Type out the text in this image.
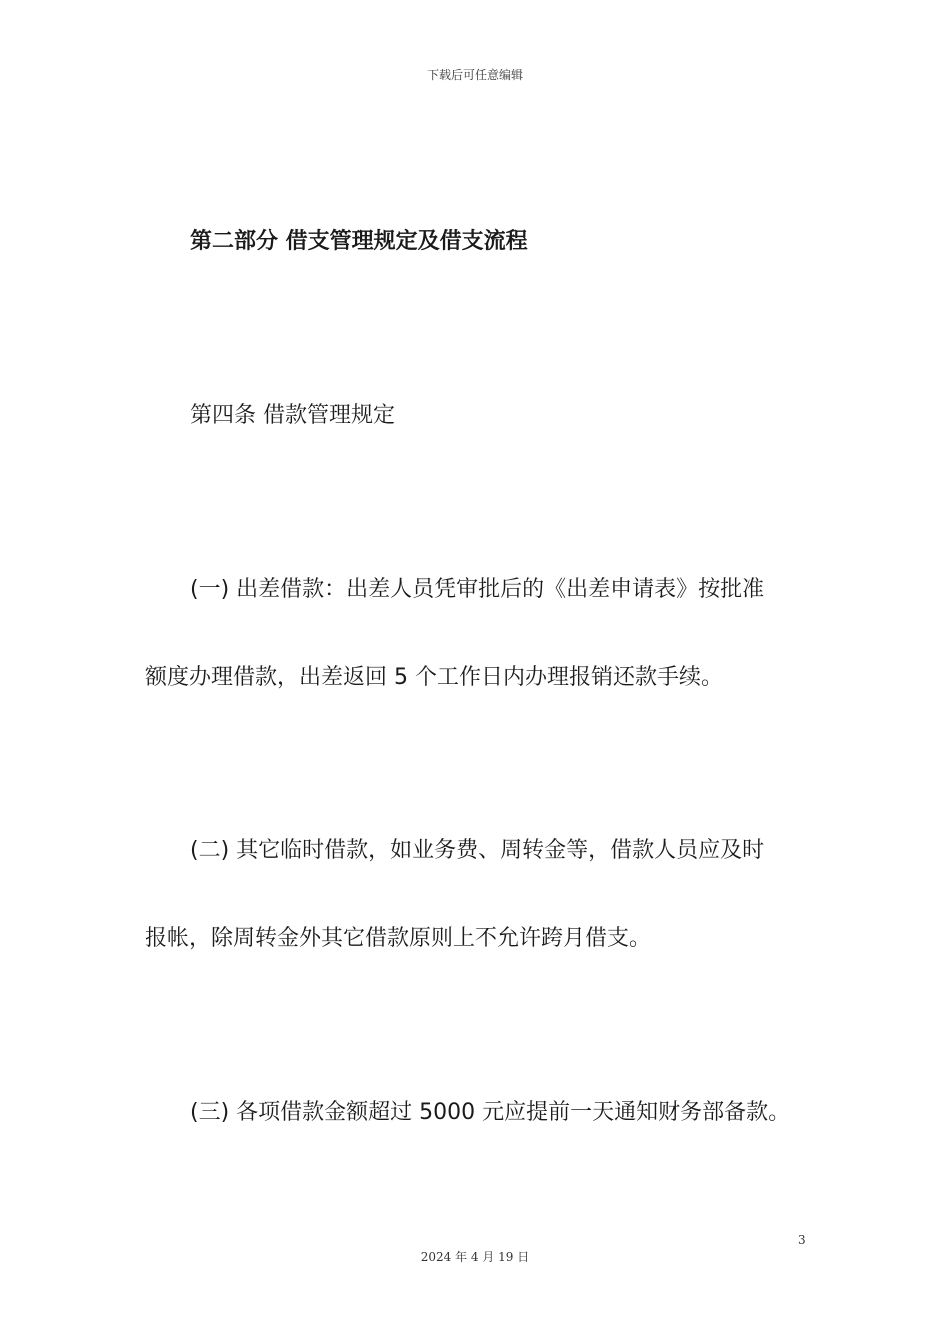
下载后可任意编辑
第二部分 借支管理规定及借支流程
第四条 借款管理规定
(一) 出差借款：出差人员凭审批后的《出差申请表》按批准
额度办理借款，出差返回 5 个工作日内办理报销还款手续。
(二) 其它临时借款，如业务费、周转金等，借款人员应及时
报帐，除周转金外其它借款原则上不允许跨月借支。
(三) 各项借款金额超过 5000 元应提前一天通知财务部备款。
3
2024 年 4 月 19 日
